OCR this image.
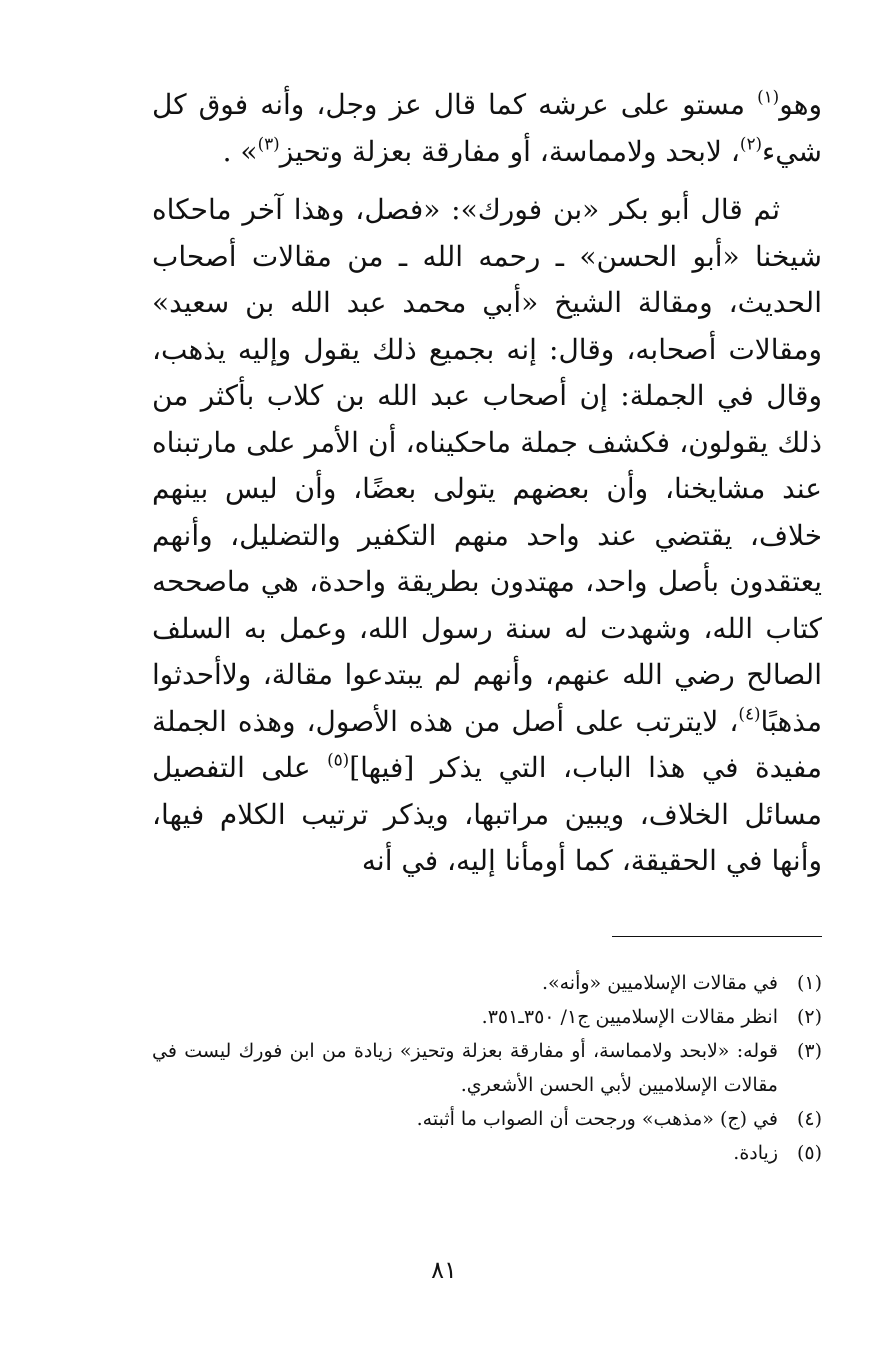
وهو$^{(١)}$ مستو على عرشه كما قال عز وجل، وأنه فوق كل شيء$^{(٢)}$، لابحد ولامماسة، أو مفارقة بعزلة وتحيز$^{(٣)}$» .

ثم قال أبو بكر «بن فورك»: «فصل، وهذا آخر ماحكاه شيخنا «أبو الحسن» ـ رحمه الله ـ من مقالات أصحاب الحديث، ومقالة الشيخ «أبي محمد عبد الله بن سعيد» ومقالات أصحابه، وقال: إنه بجميع ذلك يقول وإليه يذهب، وقال في الجملة: إن أصحاب عبد الله بن كلاب بأكثر من ذلك يقولون، فكشف جملة ماحكيناه، أن الأمر على مارتبناه عند مشايخنا، وأن بعضهم يتولى بعضًا، وأن ليس بينهم خلاف، يقتضي عند واحد منهم التكفير والتضليل، وأنهم يعتقدون بأصل واحد، مهتدون بطريقة واحدة، هي ماصححه كتاب الله، وشهدت له سنة رسول الله، وعمل به السلف الصالح رضي الله عنهم، وأنهم لم يبتدعوا مقالة، ولاأحدثوا مذهبًا$^{(٤)}$، لايترتب على أصل من هذه الأصول، وهذه الجملة مفيدة في هذا الباب، التي يذكر [فيها]$^{(٥)}$ على التفصيل مسائل الخلاف، ويبين مراتبها، ويذكر ترتيب الكلام فيها، وأنها في الحقيقة، كما أومأنا إليه، في أنه

(١)
في مقالات الإسلاميين «وأنه».
(٢)
انظر مقالات الإسلاميين ج١/ ٣٥٠ـ٣٥١.
(٣)
قوله: «لابحد ولامماسة، أو مفارقة بعزلة وتحيز» زيادة من ابن فورك ليست في مقالات الإسلاميين لأبي الحسن الأشعري.
(٤)
في (ج) «مذهب» ورجحت أن الصواب ما أثبته.
(٥)
زيادة.
٨١
